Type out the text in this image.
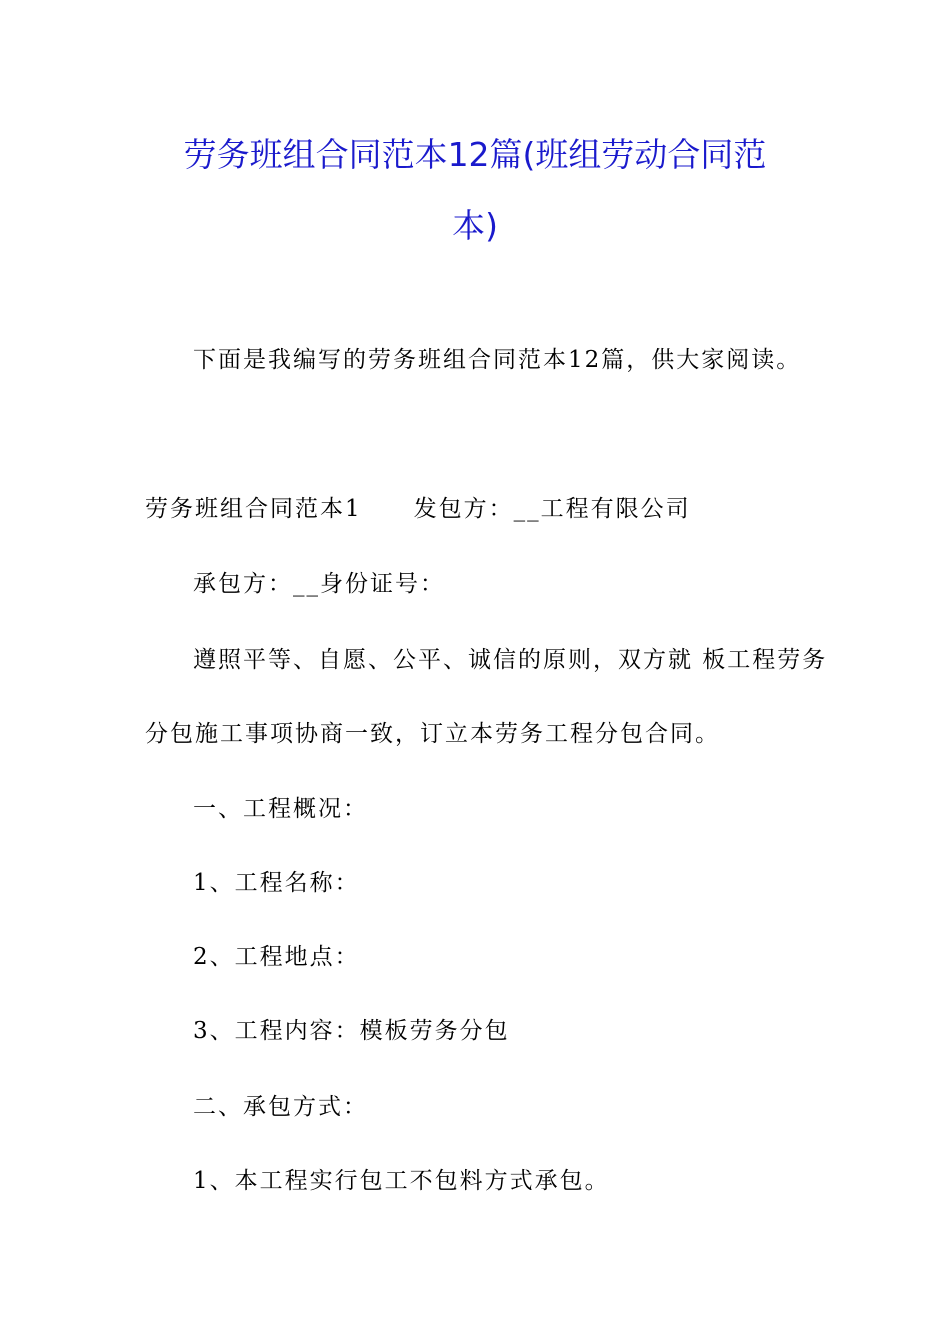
劳务班组合同范本12篇(班组劳动合同范
本)
下面是我编写的劳务班组合同范本12篇，供大家阅读。
劳务班组合同范本1 发包方：__工程有限公司
承包方：__身份证号：
遵照平等、自愿、公平、诚信的原则，双方就 板工程劳务
分包施工事项协商一致，订立本劳务工程分包合同。
一、工程概况：
1、工程名称：
2、工程地点：
3、工程内容：模板劳务分包
二、承包方式：
1、本工程实行包工不包料方式承包。
